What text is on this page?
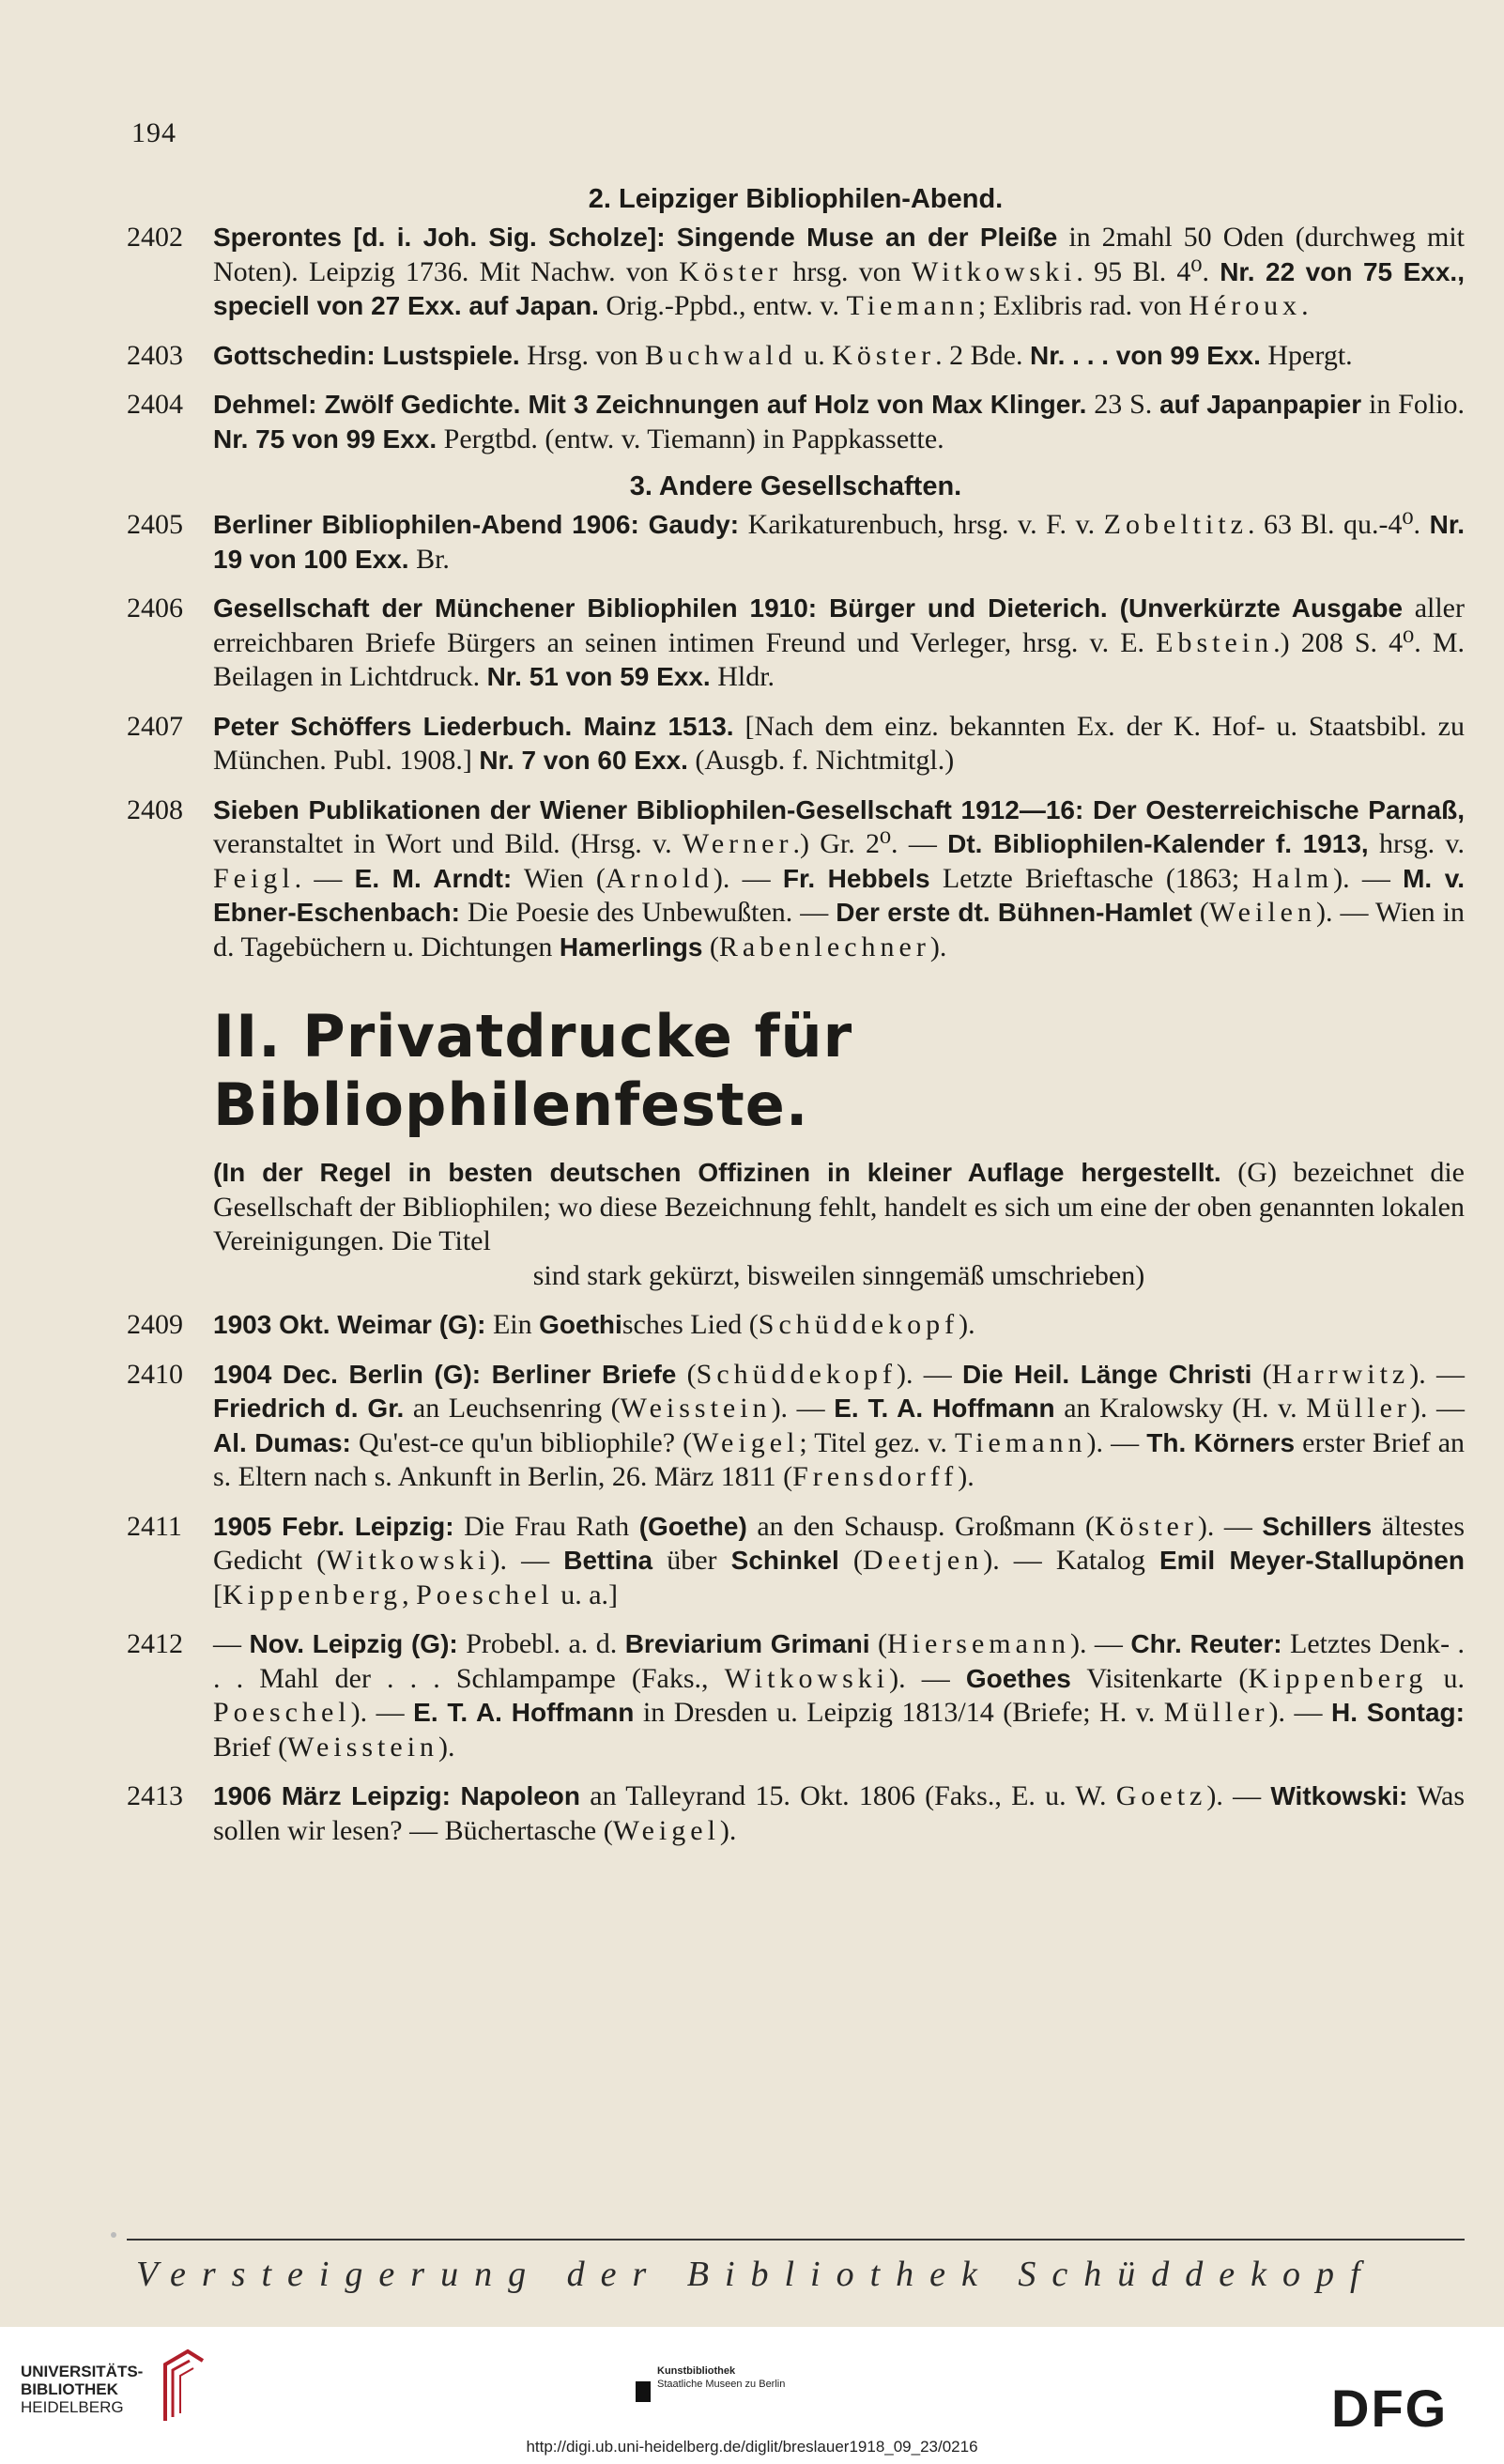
194
2. Leipziger Bibliophilen-Abend.
2402	Sperontes [d. i. Joh. Sig. Scholze]: Singende Muse an der Pleiße in 2mahl 50 Oden (durchweg mit Noten). Leipzig 1736. Mit Nachw. von Köster hrsg. von Witkowski. 95 Bl. 4⁰. Nr. 22 von 75 Exx., speciell von 27 Exx. auf Japan. Orig.-Ppbd., entw. v. Tiemann; Exlibris rad. von Héroux.
2403	Gottschedin: Lustspiele. Hrsg. von Buchwald u. Köster. 2 Bde. Nr. . . . von 99 Exx. Hpergt.
2404	Dehmel: Zwölf Gedichte. Mit 3 Zeichnungen auf Holz von Max Klinger. 23 S. auf Japanpapier in Folio. Nr. 75 von 99 Exx. Pergtbd. (entw. v. Tiemann) in Pappkassette.
3. Andere Gesellschaften.
2405	Berliner Bibliophilen-Abend 1906: Gaudy: Karikaturenbuch, hrsg. v. F. v. Zobeltitz. 63 Bl. qu.-4⁰. Nr. 19 von 100 Exx. Br.
2406	Gesellschaft der Münchener Bibliophilen 1910: Bürger und Dieterich. (Unverkürzte Ausgabe aller erreichbaren Briefe Bürgers an seinen intimen Freund und Verleger, hrsg. v. E. Ebstein.) 208 S. 4⁰. M. Beilagen in Lichtdruck. Nr. 51 von 59 Exx. Hldr.
2407	Peter Schöffers Liederbuch. Mainz 1513. [Nach dem einz. bekannten Ex. der K. Hof- u. Staatsbibl. zu München. Publ. 1908.] Nr. 7 von 60 Exx. (Ausgb. f. Nichtmitgl.)
2408	Sieben Publikationen der Wiener Bibliophilen-Gesellschaft 1912—16: Der Oesterreichische Parnaß, veranstaltet in Wort und Bild. (Hrsg. v. Werner.) Gr. 2⁰. — Dt. Bibliophilen-Kalender f. 1913, hrsg. v. Feigl. — E. M. Arndt: Wien (Arnold). — Fr. Hebbels Letzte Brieftasche (1863; Halm). — M. v. Ebner-Eschenbach: Die Poesie des Unbewußten. — Der erste dt. Bühnen-Hamlet (Weilen). — Wien in d. Tagebüchern u. Dichtungen Hamerlings (Rabenlechner).
II. Privatdrucke für Bibliophilenfeste.
(In der Regel in besten deutschen Offizinen in kleiner Auflage hergestellt. (G) bezeichnet die Gesellschaft der Bibliophilen; wo diese Bezeichnung fehlt, handelt es sich um eine der oben genannten lokalen Vereinigungen. Die Titel
sind stark gekürzt, bisweilen sinngemäß umschrieben)
2409	1903 Okt. Weimar (G): Ein Goethisches Lied (Schüddekopf).
2410	1904 Dec. Berlin (G): Berliner Briefe (Schüddekopf). — Die Heil. Länge Christi (Harrwitz). — Friedrich d. Gr. an Leuchsenring (Weisstein). — E. T. A. Hoffmann an Kralowsky (H. v. Müller). — Al. Dumas: Qu'est-ce qu'un bibliophile? (Weigel; Titel gez. v. Tiemann). — Th. Körners erster Brief an s. Eltern nach s. Ankunft in Berlin, 26. März 1811 (Frensdorff).
2411	1905 Febr. Leipzig: Die Frau Rath (Goethe) an den Schausp. Großmann (Köster). — Schillers ältestes Gedicht (Witkowski). — Bettina über Schinkel (Deetjen). — Katalog Emil Meyer-Stallupönen [Kippenberg, Poeschel u. a.]
2412	— Nov. Leipzig (G): Probebl. a. d. Breviarium Grimani (Hiersemann). — Chr. Reuter: Letztes Denk- . . . Mahl der . . . Schlampampe (Faks., Witkowski). — Goethes Visitenkarte (Kippenberg u. Poeschel). — E. T. A. Hoffmann in Dresden u. Leipzig 1813/14 (Briefe; H. v. Müller). — H. Sontag: Brief (Weisstein).
2413	1906 März Leipzig: Napoleon an Talleyrand 15. Okt. 1806 (Faks., E. u. W. Goetz). — Witkowski: Was sollen wir lesen? — Büchertasche (Weigel).
Versteigerung der Bibliothek Schüddekopf
UNIVERSITÄTS-
BIBLIOTHEK
HEIDELBERG
Kunstbibliothek
Staatliche Museen zu Berlin	DFG
http://digi.ub.uni-heidelberg.de/diglit/breslauer1918_09_23/0216
